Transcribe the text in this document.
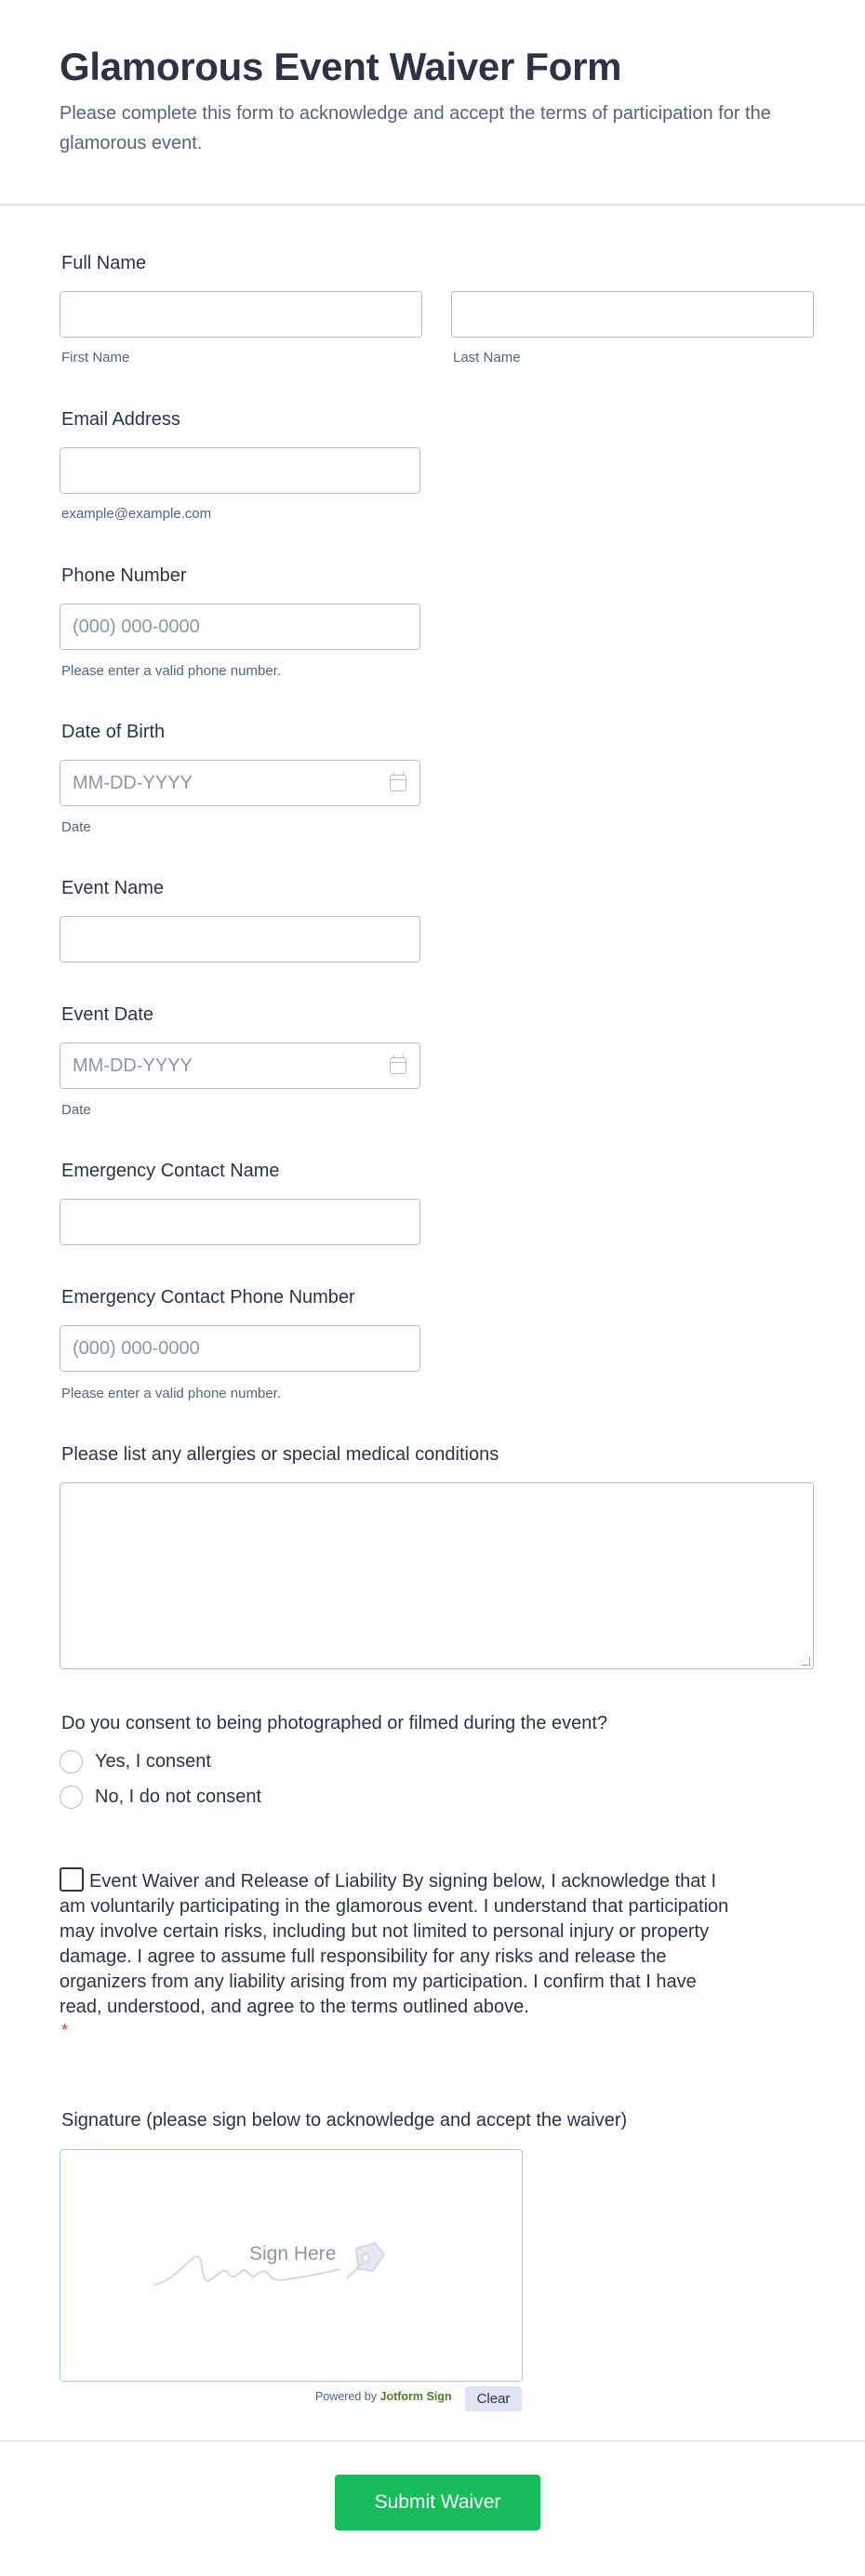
Glamorous Event Waiver Form

Please complete this form to acknowledge and accept the terms of participation for the glamorous event.

Full Name
First Name	Last Name
Email Address
example@example.com
Phone Number
(000) 000-0000
Please enter a valid phone number.
Date of Birth
MM-DD-YYYY
Date
Event Name
Event Date
MM-DD-YYYY
Date
Emergency Contact Name
Emergency Contact Phone Number
(000) 000-0000
Please enter a valid phone number.
Please list any allergies or special medical conditions
Do you consent to being photographed or filmed during the event?
Yes, I consent
No, I do not consent
Event Waiver and Release of Liability By signing below, I acknowledge that I am voluntarily participating in the glamorous event. I understand that participation may involve certain risks, including but not limited to personal injury or property damage. I agree to assume full responsibility for any risks and release the organizers from any liability arising from my participation. I confirm that I have read, understood, and agree to the terms outlined above.
*
Signature (please sign below to acknowledge and accept the waiver)
Sign Here
Powered by Jotform Sign	Clear
Submit Waiver
